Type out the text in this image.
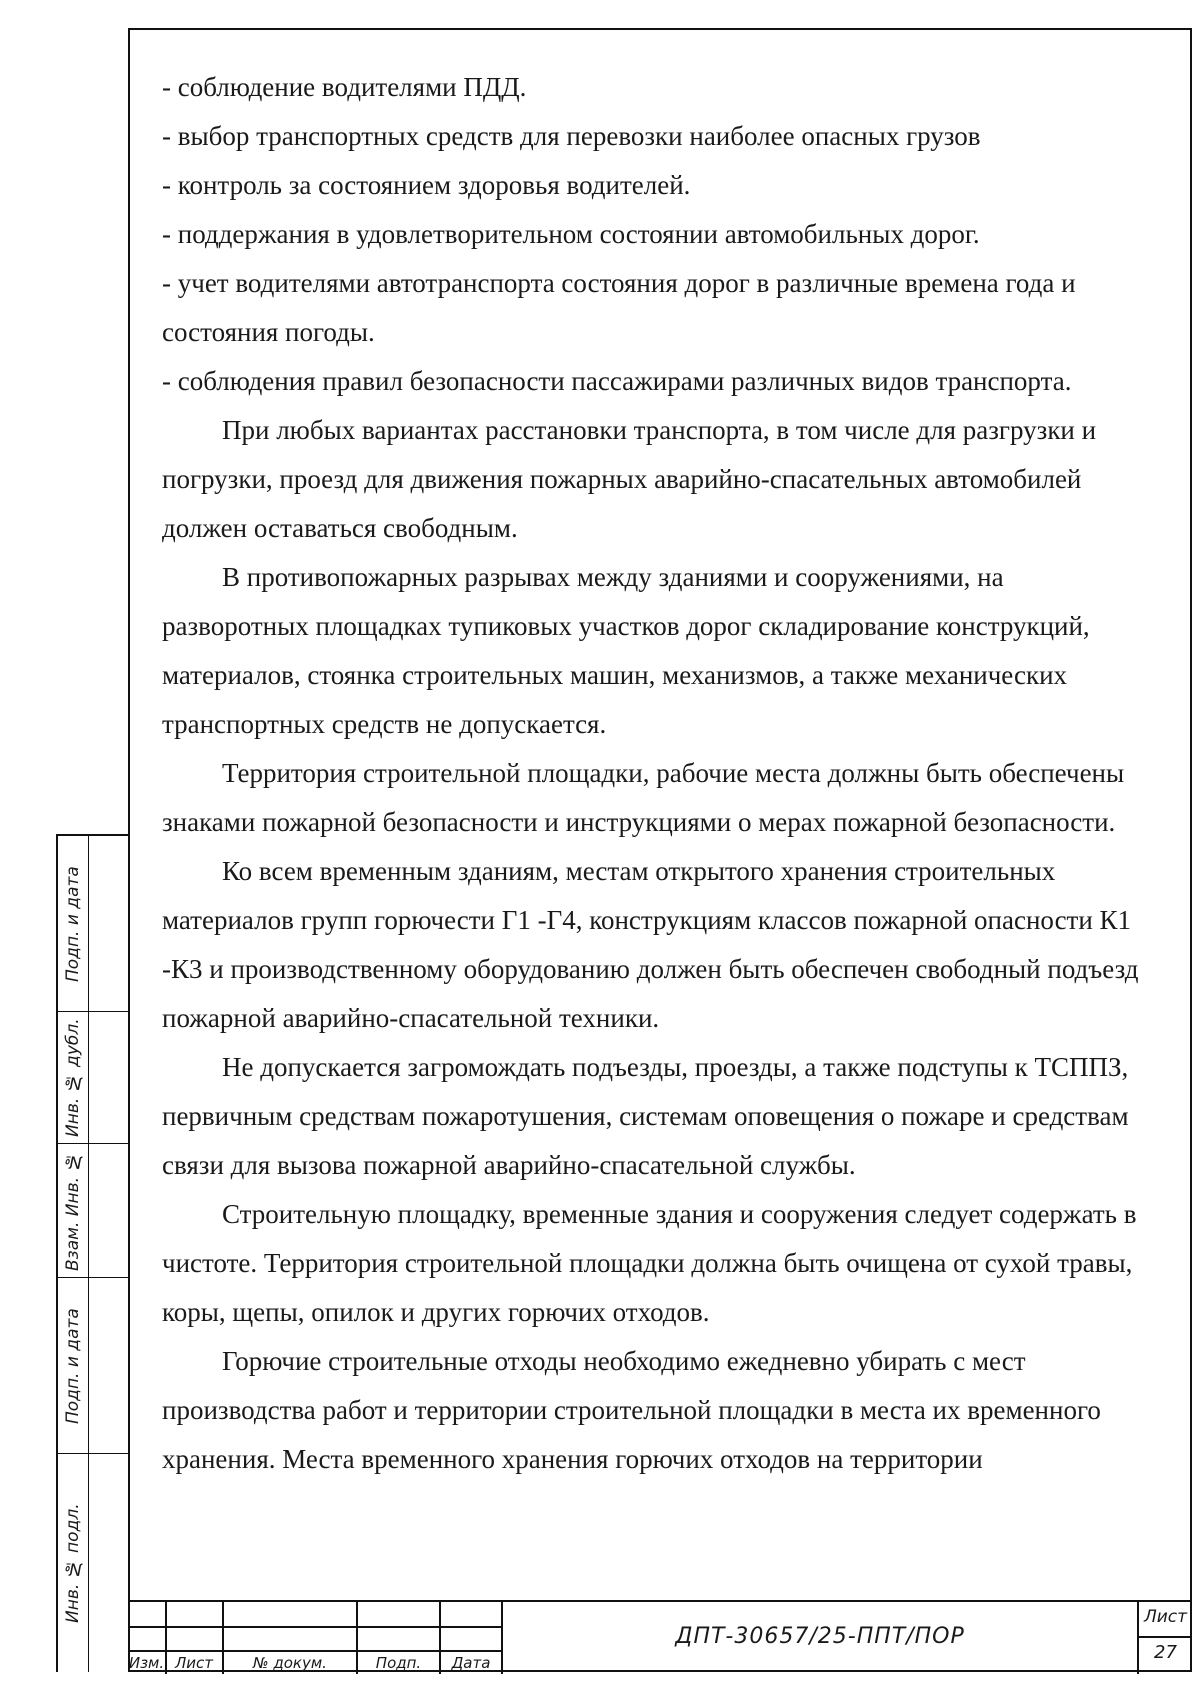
- соблюдение водителями ПДД.

- выбор транспортных средств для перевозки наиболее опасных грузов

- контроль за состоянием здоровья водителей.

- поддержания в удовлетворительном состоянии автомобильных дорог.

- учет водителями автотранспорта состояния дорог в различные времена года и состояния погоды.

- соблюдения правил безопасности пассажирами различных видов транспорта.

При любых вариантах расстановки транспорта, в том числе для разгрузки и погрузки, проезд для движения пожарных аварийно-спасательных автомобилей должен оставаться свободным.

В противопожарных разрывах между зданиями и сооружениями, на разворотных площадках тупиковых участков дорог складирование конструкций, материалов, стоянка строительных машин, механизмов, а также механических транспортных средств не допускается.

Территория строительной площадки, рабочие места должны быть обеспечены знаками пожарной безопасности и инструкциями о мерах пожарной безопасности.

Ко всем временным зданиям, местам открытого хранения строительных материалов групп горючести Г1 -Г4, конструкциям классов пожарной опасности К1 -К3 и производственному оборудованию должен быть обеспечен свободный подъезд пожарной аварийно-спасательной техники.

Не допускается загромождать подъезды, проезды, а также подступы к ТСППЗ, первичным средствам пожаротушения, системам оповещения о пожаре и средствам связи для вызова пожарной аварийно-спасательной службы.

Строительную площадку, временные здания и сооружения следует содержать в чистоте. Территория строительной площадки должна быть очищена от сухой травы, коры, щепы, опилок и других горючих отходов.

Горючие строительные отходы необходимо ежедневно убирать с мест производства работ и территории строительной площадки в места их временного хранения. Места временного хранения горючих отходов на территории

Подп. и дата
Инв. № дубл.
Взам. Инв. №
Подп. и дата
Инв. № подл.
Изм. Лист	№ докум.	Подп.	Дата
ДПТ-30657/25-ППТ/ПОР
Лист
27
